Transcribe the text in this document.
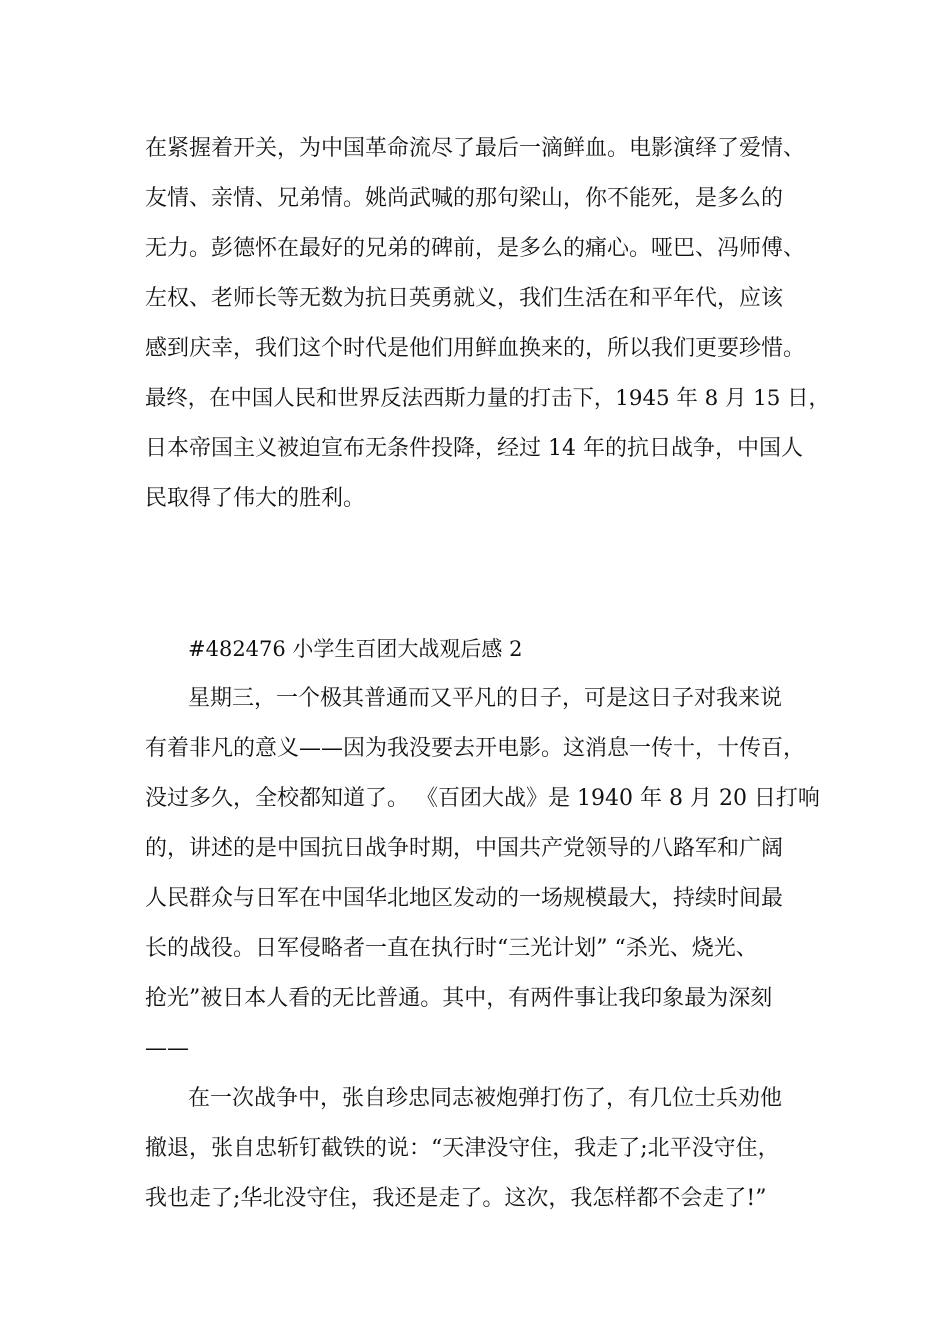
在紧握着开关，为中国革命流尽了最后一滴鲜血。电影演绎了爱情、
友情、亲情、兄弟情。姚尚武喊的那句梁山，你不能死，是多么的
无力。彭德怀在最好的兄弟的碑前，是多么的痛心。哑巴、冯师傅、
左权、老师长等无数为抗日英勇就义，我们生活在和平年代，应该
感到庆幸，我们这个时代是他们用鲜血换来的，所以我们更要珍惜。
最终，在中国人民和世界反法西斯力量的打击下，1945 年 8 月 15 日，
日本帝国主义被迫宣布无条件投降，经过 14 年的抗日战争，中国人
民取得了伟大的胜利。
#482476 小学生百团大战观后感 2
星期三，一个极其普通而又平凡的日子，可是这日子对我来说
有着非凡的意义——因为我没要去开电影。这消息一传十，十传百，
没过多久，全校都知道了。 《百团大战》是 1940 年 8 月 20 日打响
的，讲述的是中国抗日战争时期，中国共产党领导的八路军和广阔
人民群众与日军在中国华北地区发动的一场规模最大，持续时间最
长的战役。日军侵略者一直在执行时“三光计划” “杀光、烧光、
抢光”被日本人看的无比普通。其中，有两件事让我印象最为深刻
——
在一次战争中，张自珍忠同志被炮弹打伤了，有几位士兵劝他
撤退，张自忠斩钉截铁的说：“天津没守住，我走了;北平没守住，
我也走了;华北没守住，我还是走了。这次，我怎样都不会走了!”
